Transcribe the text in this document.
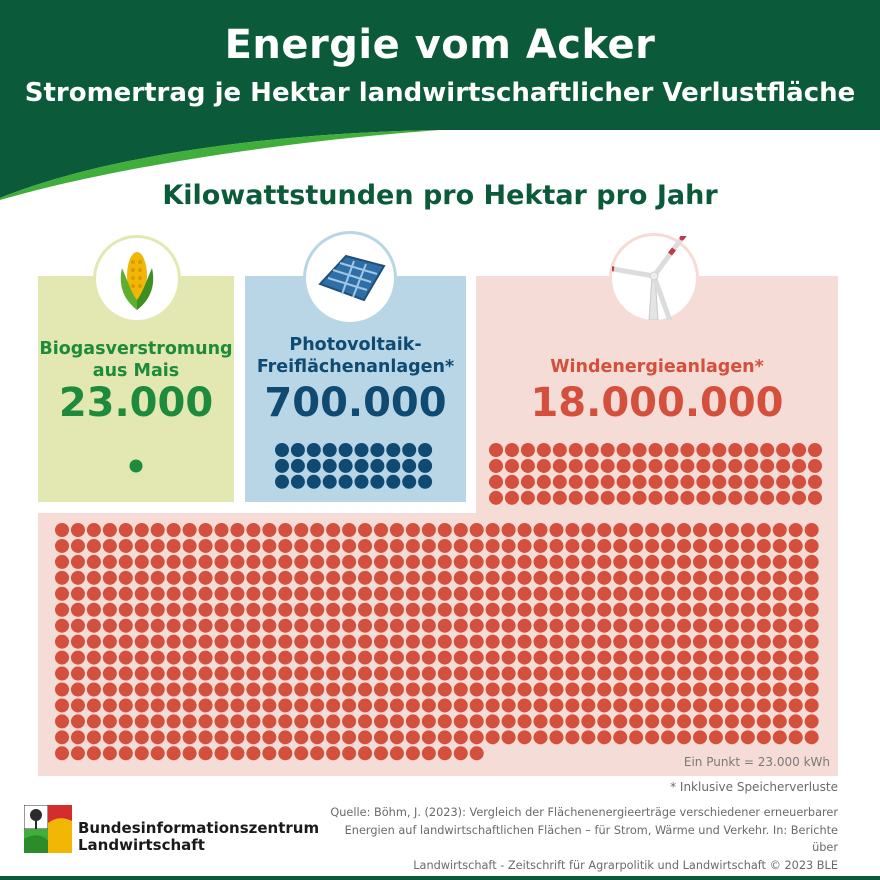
Energie vom Acker
Stromertrag je Hektar landwirtschaftlicher Verlustfläche
Kilowattstunden pro Hektar pro Jahr
Biogasverstromung
aus Mais
23.000
Photovoltaik-
Freiflächenanlagen*
700.000
Windenergieanlagen*
18.000.000
Ein Punkt = 23.000 kWh
* Inklusive Speicherverluste
Quelle: Böhm, J. (2023): Vergleich der Flächenenergieerträge verschiedener erneuerbarer
Energien auf landwirtschaftlichen Flächen – für Strom, Wärme und Verkehr. In: Berichte über
Landwirtschaft - Zeitschrift für Agrarpolitik und Landwirtschaft © 2023 BLE
Bundesinformationszentrum
Landwirtschaft
